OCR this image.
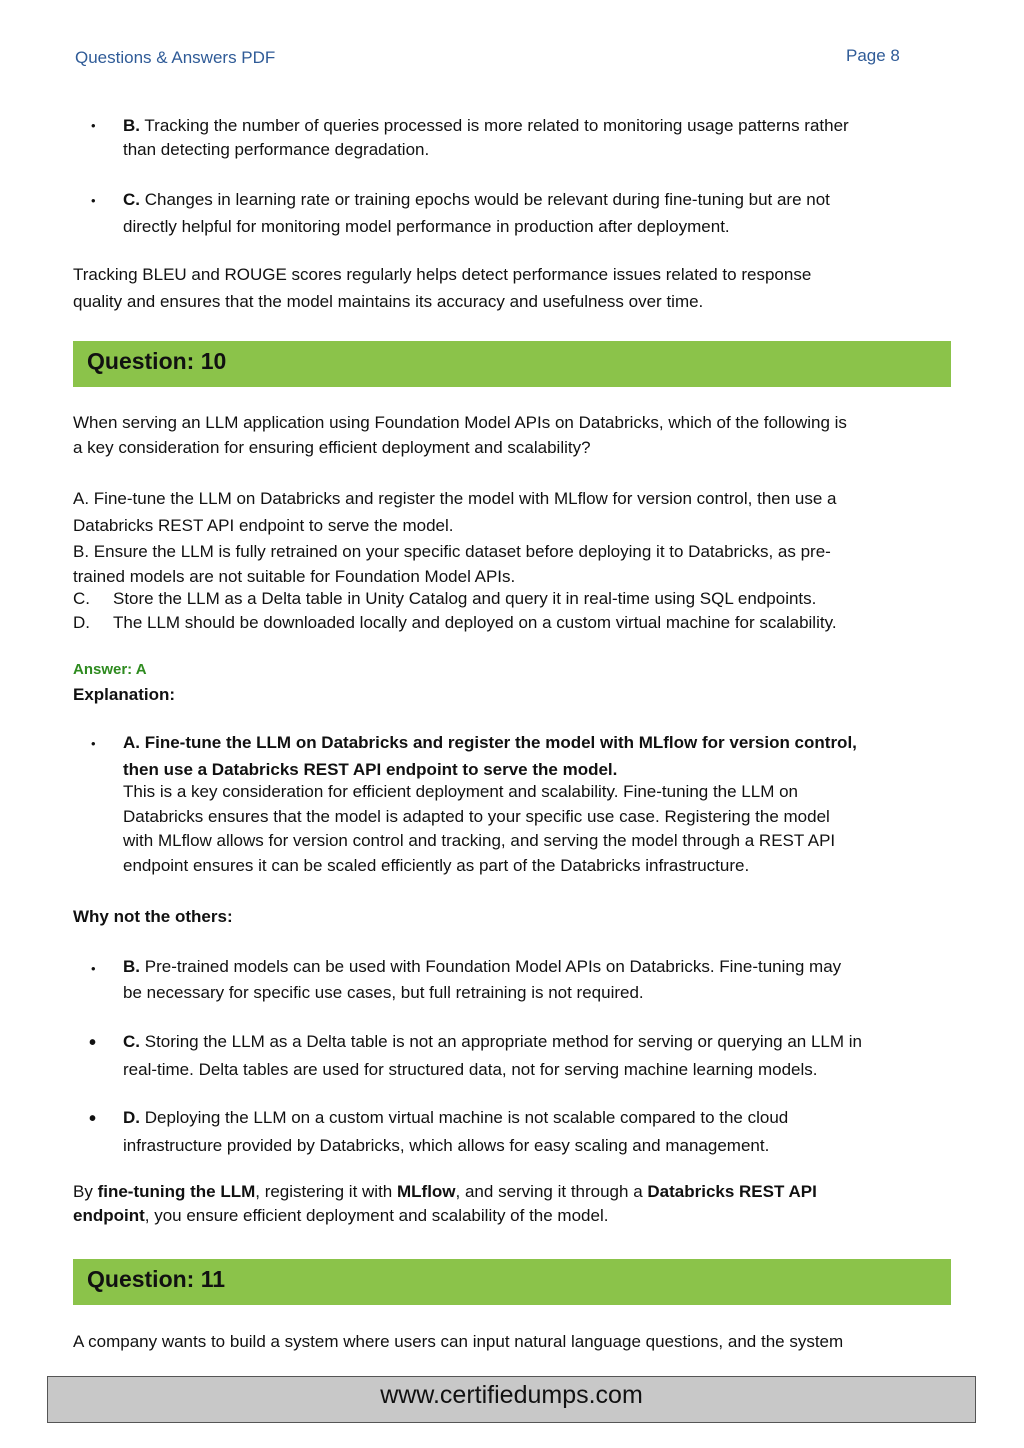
Questions & Answers PDF	Page 8
• B. Tracking the number of queries processed is more related to monitoring usage patterns rather
than detecting performance degradation.
• C. Changes in learning rate or training epochs would be relevant during fine-tuning but are not
directly helpful for monitoring model performance in production after deployment.
Tracking BLEU and ROUGE scores regularly helps detect performance issues related to response
quality and ensures that the model maintains its accuracy and usefulness over time.
Question: 10
When serving an LLM application using Foundation Model APIs on Databricks, which of the following is
a key consideration for ensuring efficient deployment and scalability?
A. Fine-tune the LLM on Databricks and register the model with MLflow for version control, then use a
Databricks REST API endpoint to serve the model.
B. Ensure the LLM is fully retrained on your specific dataset before deploying it to Databricks, as pre-
trained models are not suitable for Foundation Model APIs.
C. Store the LLM as a Delta table in Unity Catalog and query it in real-time using SQL endpoints.
D. The LLM should be downloaded locally and deployed on a custom virtual machine for scalability.
Answer: A
Explanation:
• A. Fine-tune the LLM on Databricks and register the model with MLflow for version control,
then use a Databricks REST API endpoint to serve the model.
This is a key consideration for efficient deployment and scalability. Fine-tuning the LLM on
Databricks ensures that the model is adapted to your specific use case. Registering the model
with MLflow allows for version control and tracking, and serving the model through a REST API
endpoint ensures it can be scaled efficiently as part of the Databricks infrastructure.
Why not the others:
• B. Pre-trained models can be used with Foundation Model APIs on Databricks. Fine-tuning may
be necessary for specific use cases, but full retraining is not required.
• C. Storing the LLM as a Delta table is not an appropriate method for serving or querying an LLM in
real-time. Delta tables are used for structured data, not for serving machine learning models.
• D. Deploying the LLM on a custom virtual machine is not scalable compared to the cloud
infrastructure provided by Databricks, which allows for easy scaling and management.
By fine-tuning the LLM, registering it with MLflow, and serving it through a Databricks REST API
endpoint, you ensure efficient deployment and scalability of the model.
Question: 11
A company wants to build a system where users can input natural language questions, and the system
www.certifiedumps.com
